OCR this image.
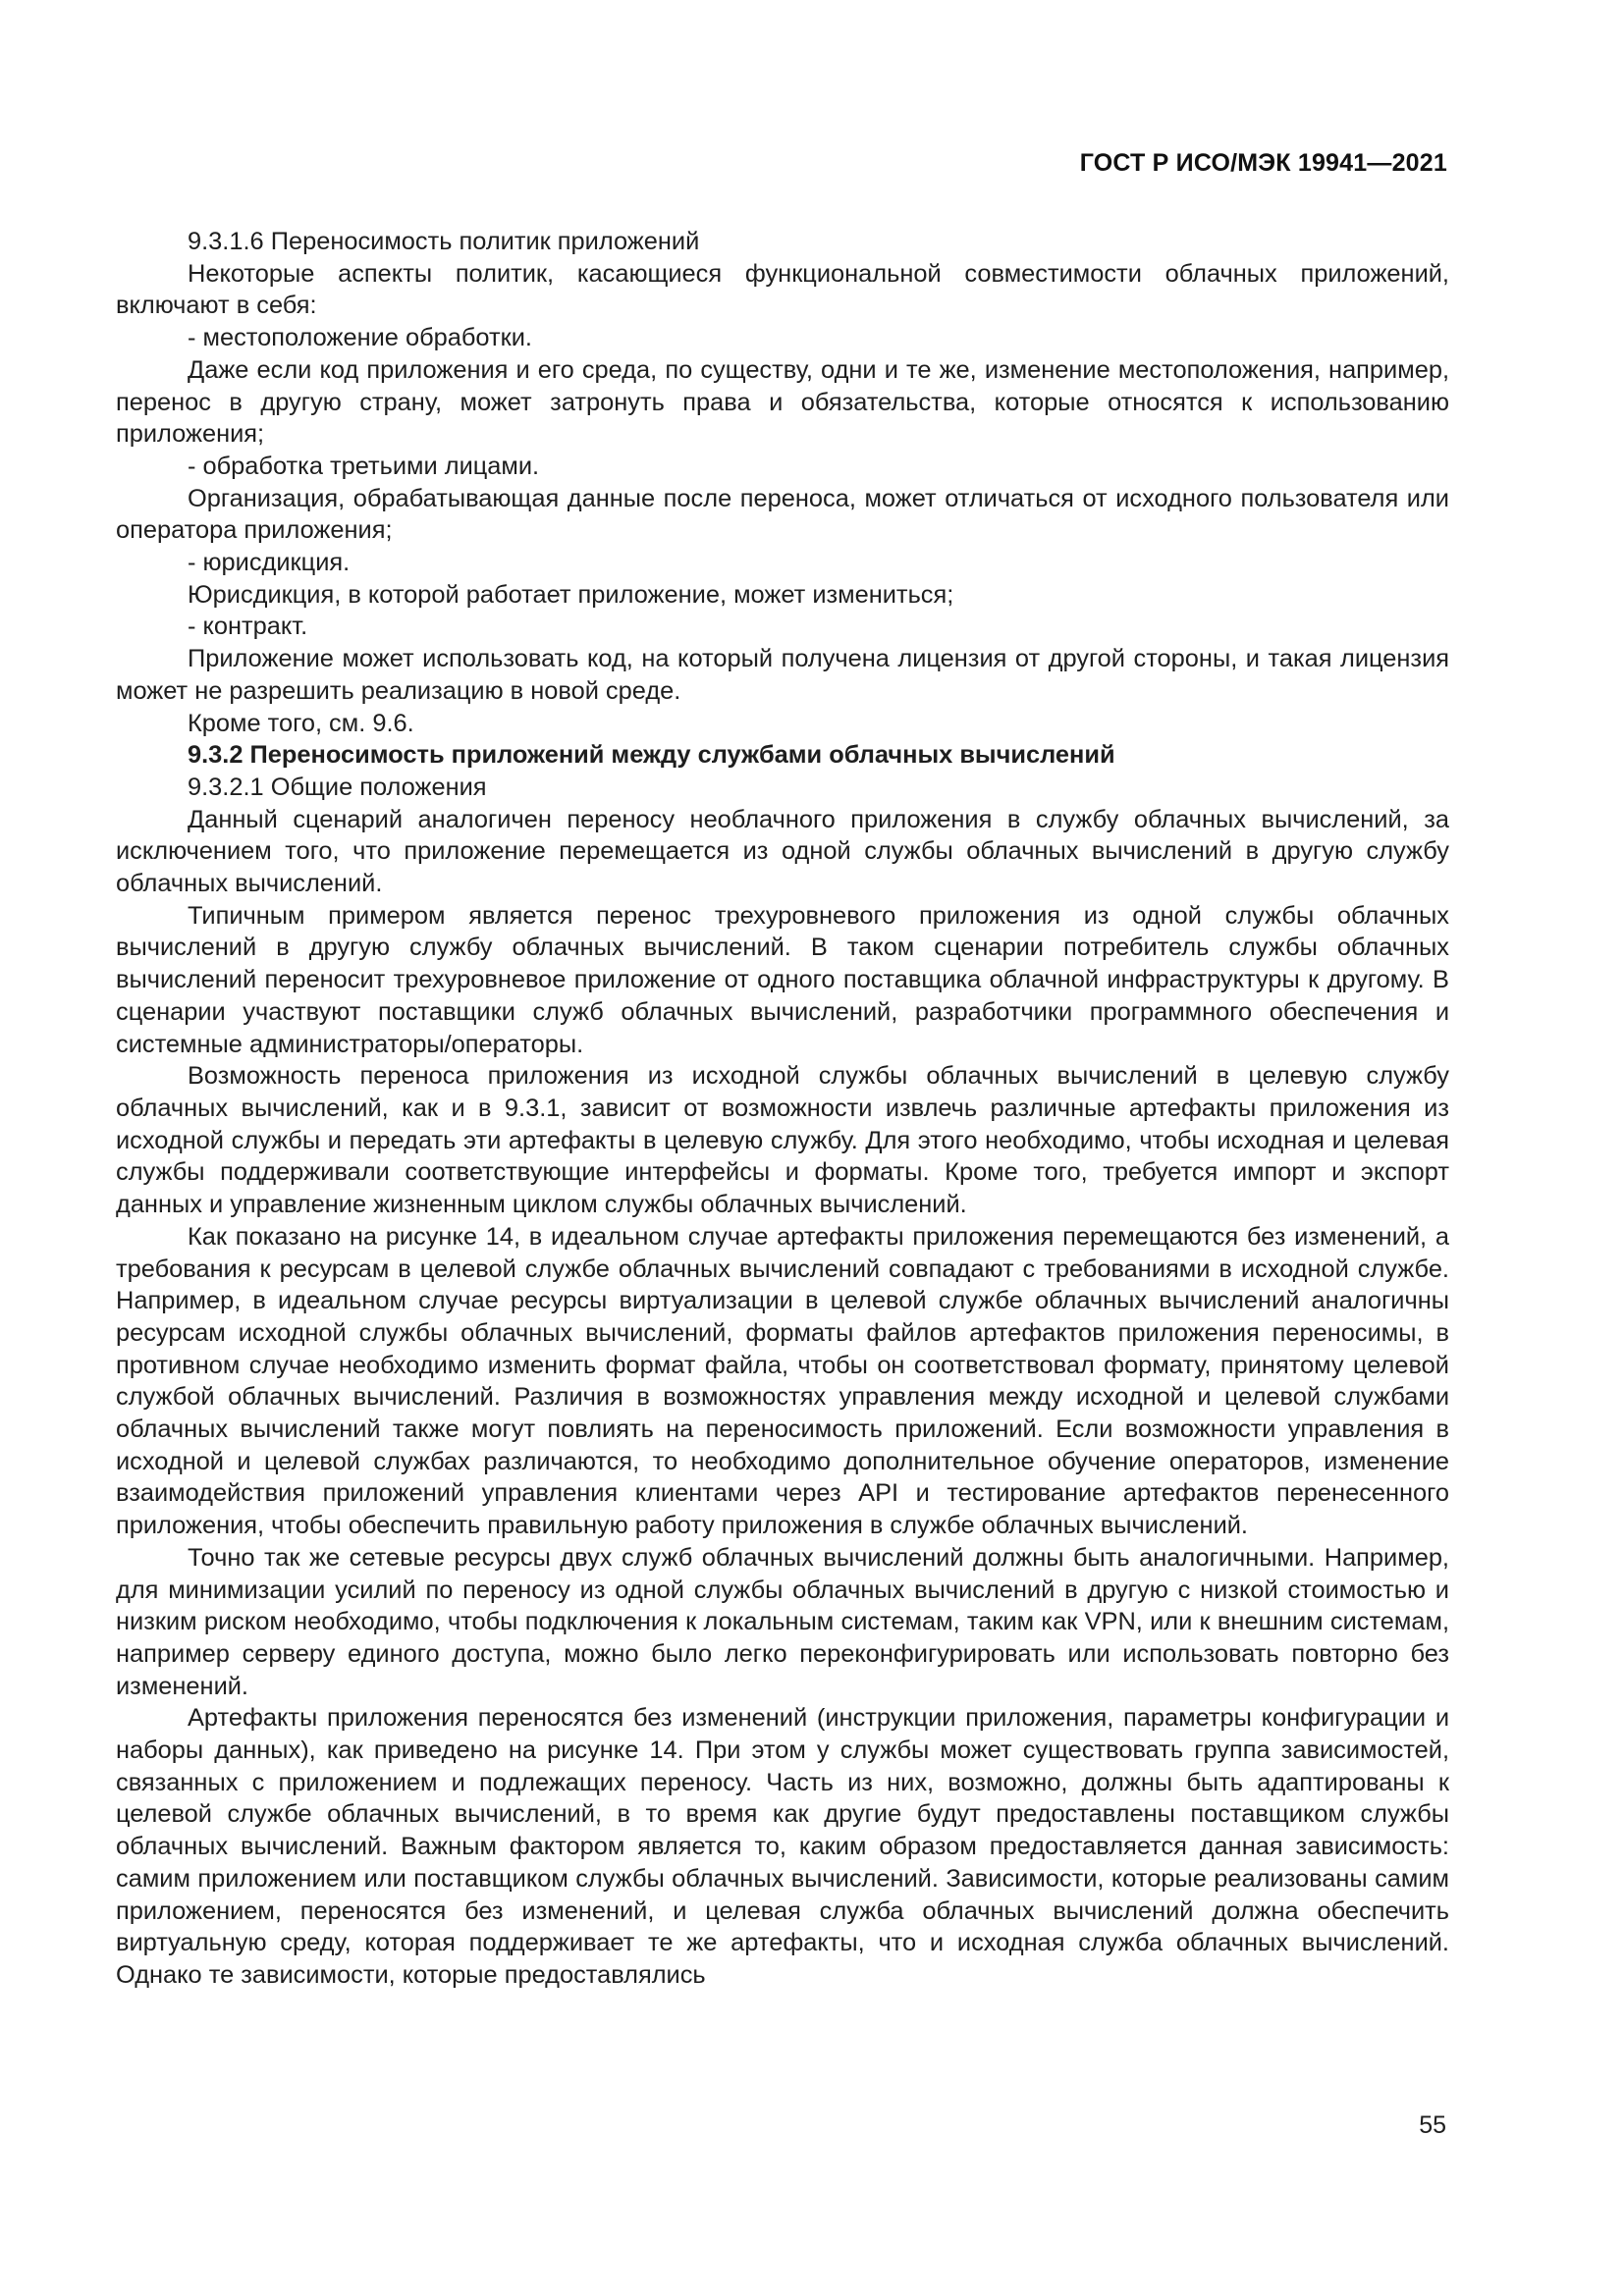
ГОСТ Р ИСО/МЭК 19941—2021

9.3.1.6 Переносимость политик приложений

Некоторые аспекты политик, касающиеся функциональной совместимости облачных приложений, включают в себя:

- местоположение обработки.

Даже если код приложения и его среда, по существу, одни и те же, изменение местоположения, например, перенос в другую страну, может затронуть права и обязательства, которые относятся к использованию приложения;

- обработка третьими лицами.

Организация, обрабатывающая данные после переноса, может отличаться от исходного пользователя или оператора приложения;

- юрисдикция.

Юрисдикция, в которой работает приложение, может измениться;

- контракт.

Приложение может использовать код, на который получена лицензия от другой стороны, и такая лицензия может не разрешить реализацию в новой среде.

Кроме того, см. 9.6.

9.3.2 Переносимость приложений между службами облачных вычислений

9.3.2.1 Общие положения

Данный сценарий аналогичен переносу необлачного приложения в службу облачных вычислений, за исключением того, что приложение перемещается из одной службы облачных вычислений в другую службу облачных вычислений.

Типичным примером является перенос трехуровневого приложения из одной службы облачных вычислений в другую службу облачных вычислений. В таком сценарии потребитель службы облачных вычислений переносит трехуровневое приложение от одного поставщика облачной инфраструктуры к другому. В сценарии участвуют поставщики служб облачных вычислений, разработчики программного обеспечения и системные администраторы/операторы.

Возможность переноса приложения из исходной службы облачных вычислений в целевую службу облачных вычислений, как и в 9.3.1, зависит от возможности извлечь различные артефакты приложения из исходной службы и передать эти артефакты в целевую службу. Для этого необходимо, чтобы исходная и целевая службы поддерживали соответствующие интерфейсы и форматы. Кроме того, требуется импорт и экспорт данных и управление жизненным циклом службы облачных вычислений.

Как показано на рисунке 14, в идеальном случае артефакты приложения перемещаются без изменений, а требования к ресурсам в целевой службе облачных вычислений совпадают с требованиями в исходной службе. Например, в идеальном случае ресурсы виртуализации в целевой службе облачных вычислений аналогичны ресурсам исходной службы облачных вычислений, форматы файлов артефактов приложения переносимы, в противном случае необходимо изменить формат файла, чтобы он соответствовал формату, принятому целевой службой облачных вычислений. Различия в возможностях управления между исходной и целевой службами облачных вычислений также могут повлиять на переносимость приложений. Если возможности управления в исходной и целевой службах различаются, то необходимо дополнительное обучение операторов, изменение взаимодействия приложений управления клиентами через API и тестирование артефактов перенесенного приложения, чтобы обеспечить правильную работу приложения в службе облачных вычислений.

Точно так же сетевые ресурсы двух служб облачных вычислений должны быть аналогичными. Например, для минимизации усилий по переносу из одной службы облачных вычислений в другую с низкой стоимостью и низким риском необходимо, чтобы подключения к локальным системам, таким как VPN, или к внешним системам, например серверу единого доступа, можно было легко переконфигурировать или использовать повторно без изменений.

Артефакты приложения переносятся без изменений (инструкции приложения, параметры конфигурации и наборы данных), как приведено на рисунке 14. При этом у службы может существовать группа зависимостей, связанных с приложением и подлежащих переносу. Часть из них, возможно, должны быть адаптированы к целевой службе облачных вычислений, в то время как другие будут предоставлены поставщиком службы облачных вычислений. Важным фактором является то, каким образом предоставляется данная зависимость: самим приложением или поставщиком службы облачных вычислений. Зависимости, которые реализованы самим приложением, переносятся без изменений, и целевая служба облачных вычислений должна обеспечить виртуальную среду, которая поддерживает те же артефакты, что и исходная служба облачных вычислений. Однако те зависимости, которые предоставлялись

55
